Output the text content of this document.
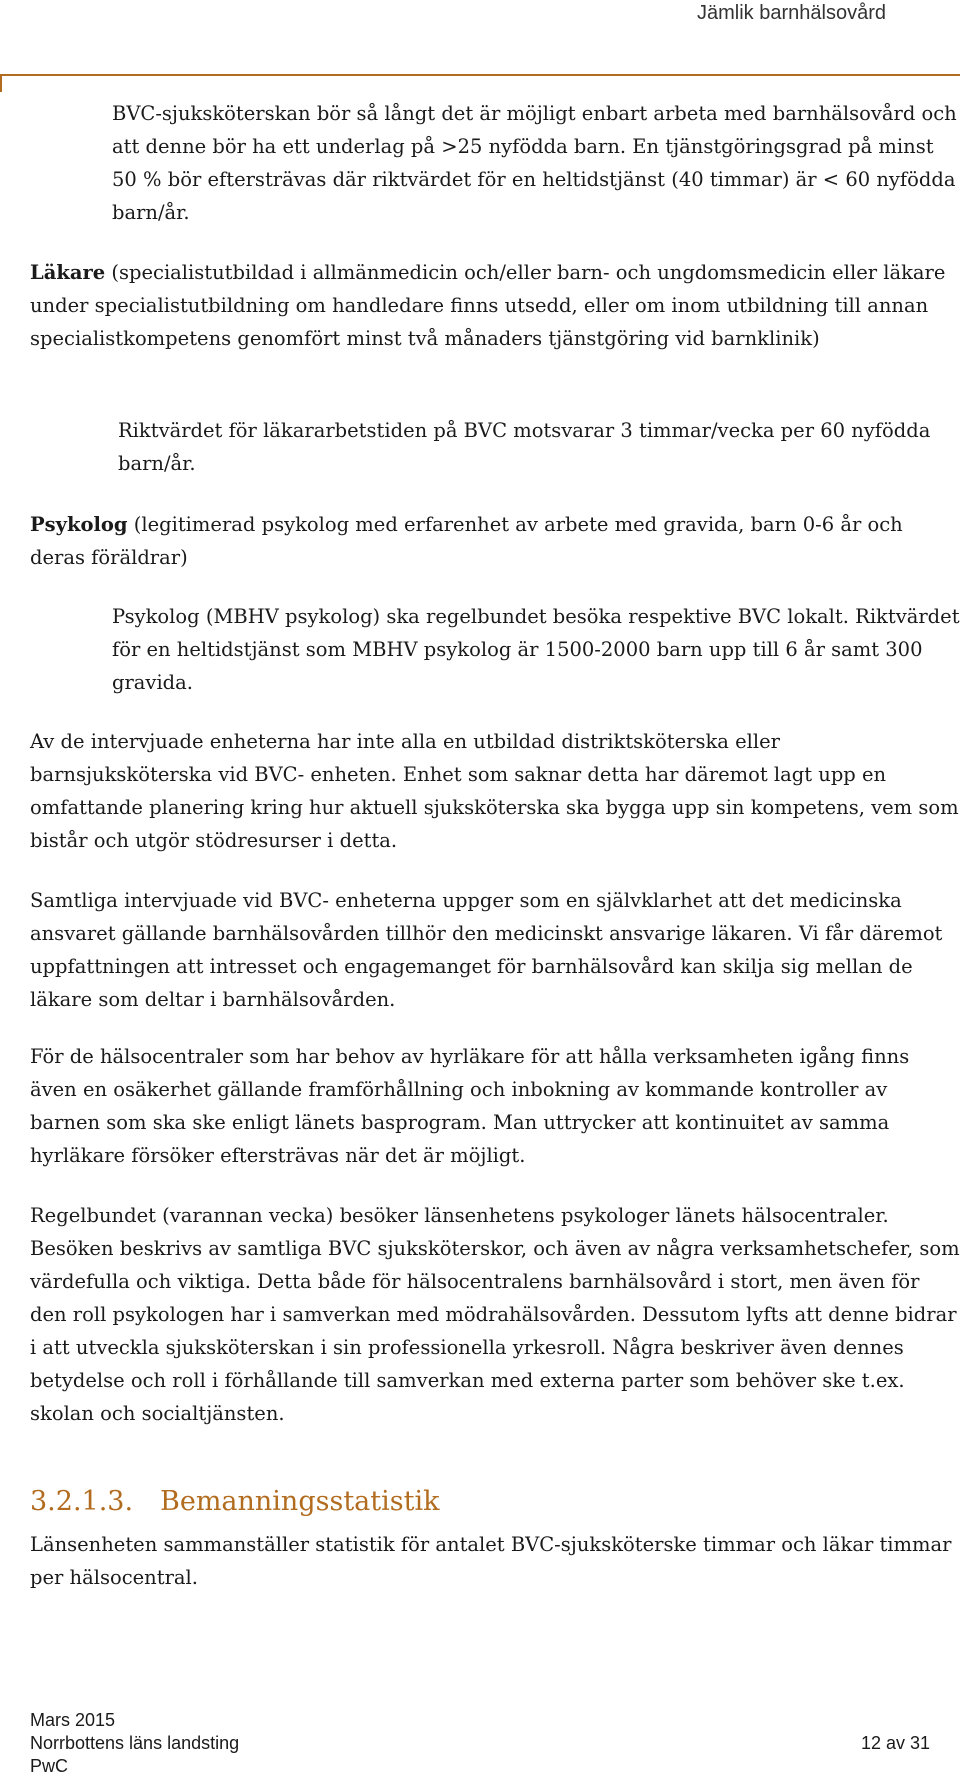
Jämlik barnhälsovård

BVC-sjuksköterskan bör så långt det är möjligt enbart arbeta med barnhälsovård och att denne bör ha ett underlag på >25 nyfödda barn. En tjänstgöringsgrad på minst 50 % bör eftersträvas där riktvärdet för en heltidstjänst (40 timmar) är < 60 nyfödda barn/år.

Läkare (specialistutbildad i allmänmedicin och/eller barn- och ungdomsmedicin eller läkare under specialistutbildning om handledare finns utsedd, eller om inom utbildning till annan specialistkompetens genomfört minst två månaders tjänstgöring vid barnklinik)

Riktvärdet för läkararbetstiden på BVC motsvarar 3 timmar/vecka per 60 nyfödda barn/år.

Psykolog (legitimerad psykolog med erfarenhet av arbete med gravida, barn 0-6 år och deras föräldrar)

Psykolog (MBHV psykolog) ska regelbundet besöka respektive BVC lokalt. Riktvärdet för en heltidstjänst som MBHV psykolog är 1500-2000 barn upp till 6 år samt 300 gravida.

Av de intervjuade enheterna har inte alla en utbildad distriktsköterska eller barnsjuksköterska vid BVC- enheten. Enhet som saknar detta har däremot lagt upp en omfattande planering kring hur aktuell sjuksköterska ska bygga upp sin kompetens, vem som bistår och utgör stödresurser i detta.

Samtliga intervjuade vid BVC- enheterna uppger som en självklarhet att det medicinska ansvaret gällande barnhälsovården tillhör den medicinskt ansvarige läkaren. Vi får däremot uppfattningen att intresset och engagemanget för barnhälsovård kan skilja sig mellan de läkare som deltar i barnhälsovården.

För de hälsocentraler som har behov av hyrläkare för att hålla verksamheten igång finns även en osäkerhet gällande framförhållning och inbokning av kommande kontroller av barnen som ska ske enligt länets basprogram. Man uttrycker att kontinuitet av samma hyrläkare försöker eftersträvas när det är möjligt.

Regelbundet (varannan vecka) besöker länsenhetens psykologer länets hälsocentraler. Besöken beskrivs av samtliga BVC sjuksköterskor, och även av några verksamhetschefer, som värdefulla och viktiga. Detta både för hälsocentralens barnhälsovård i stort, men även för den roll psykologen har i samverkan med mödrahälsovården. Dessutom lyfts att denne bidrar i att utveckla sjuksköterskan i sin professionella yrkesroll. Några beskriver även dennes betydelse och roll i förhållande till samverkan med externa parter som behöver ske t.ex. skolan och socialtjänsten.

3.2.1.3. Bemanningsstatistik

Länsenheten sammanställer statistik för antalet BVC-sjuksköterske timmar och läkar timmar per hälsocentral.

Mars 2015
Norrbottens läns landsting	12 av 31
PwC
